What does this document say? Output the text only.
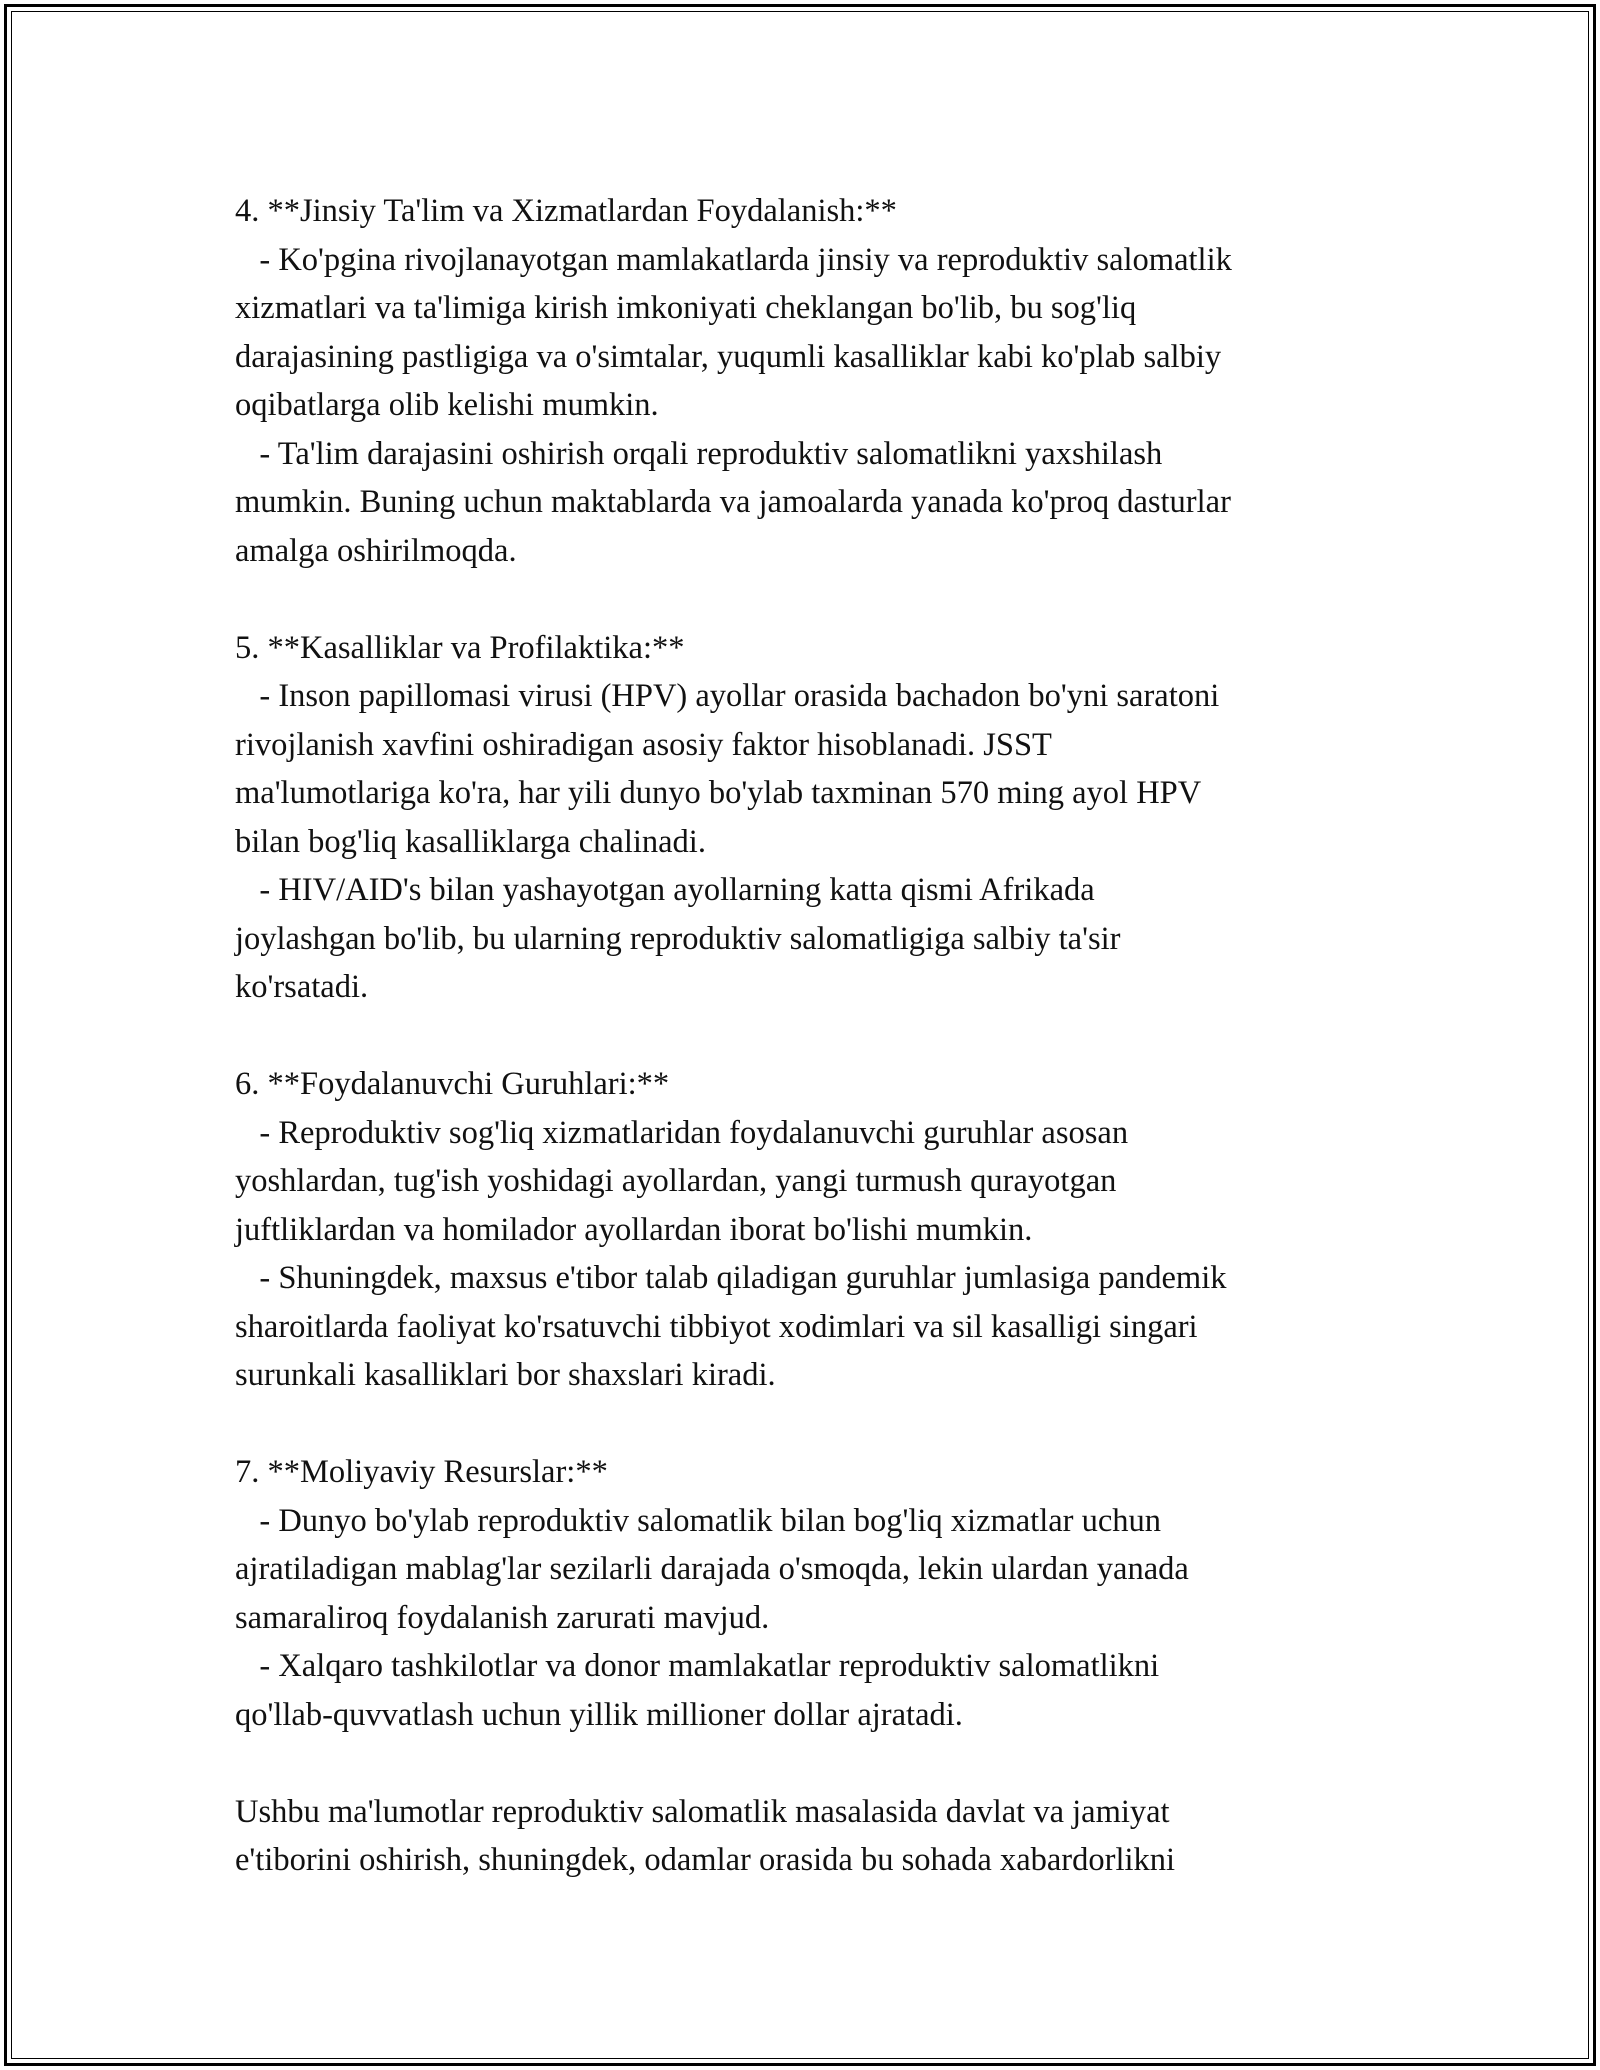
4. **Jinsiy Ta'lim va Xizmatlardan Foydalanish:**
- Ko'pgina rivojlanayotgan mamlakatlarda jinsiy va reproduktiv salomatlik
xizmatlari va ta'limiga kirish imkoniyati cheklangan bo'lib, bu sog'liq
darajasining pastligiga va o'simtalar, yuqumli kasalliklar kabi ko'plab salbiy
oqibatlarga olib kelishi mumkin.
- Ta'lim darajasini oshirish orqali reproduktiv salomatlikni yaxshilash
mumkin. Buning uchun maktablarda va jamoalarda yanada ko'proq dasturlar
amalga oshirilmoqda.
5. **Kasalliklar va Profilaktika:**
- Inson papillomasi virusi (HPV) ayollar orasida bachadon bo'yni saratoni
rivojlanish xavfini oshiradigan asosiy faktor hisoblanadi. JSST
ma'lumotlariga ko'ra, har yili dunyo bo'ylab taxminan 570 ming ayol HPV
bilan bog'liq kasalliklarga chalinadi.
- HIV/AID's bilan yashayotgan ayollarning katta qismi Afrikada
joylashgan bo'lib, bu ularning reproduktiv salomatligiga salbiy ta'sir
ko'rsatadi.
6. **Foydalanuvchi Guruhlari:**
- Reproduktiv sog'liq xizmatlaridan foydalanuvchi guruhlar asosan
yoshlardan, tug'ish yoshidagi ayollardan, yangi turmush qurayotgan
juftliklardan va homilador ayollardan iborat bo'lishi mumkin.
- Shuningdek, maxsus e'tibor talab qiladigan guruhlar jumlasiga pandemik
sharoitlarda faoliyat ko'rsatuvchi tibbiyot xodimlari va sil kasalligi singari
surunkali kasalliklari bor shaxslari kiradi.
7. **Moliyaviy Resurslar:**
- Dunyo bo'ylab reproduktiv salomatlik bilan bog'liq xizmatlar uchun
ajratiladigan mablag'lar sezilarli darajada o'smoqda, lekin ulardan yanada
samaraliroq foydalanish zarurati mavjud.
- Xalqaro tashkilotlar va donor mamlakatlar reproduktiv salomatlikni
qo'llab-quvvatlash uchun yillik millioner dollar ajratadi.
Ushbu ma'lumotlar reproduktiv salomatlik masalasida davlat va jamiyat
e'tiborini oshirish, shuningdek, odamlar orasida bu sohada xabardorlikni
